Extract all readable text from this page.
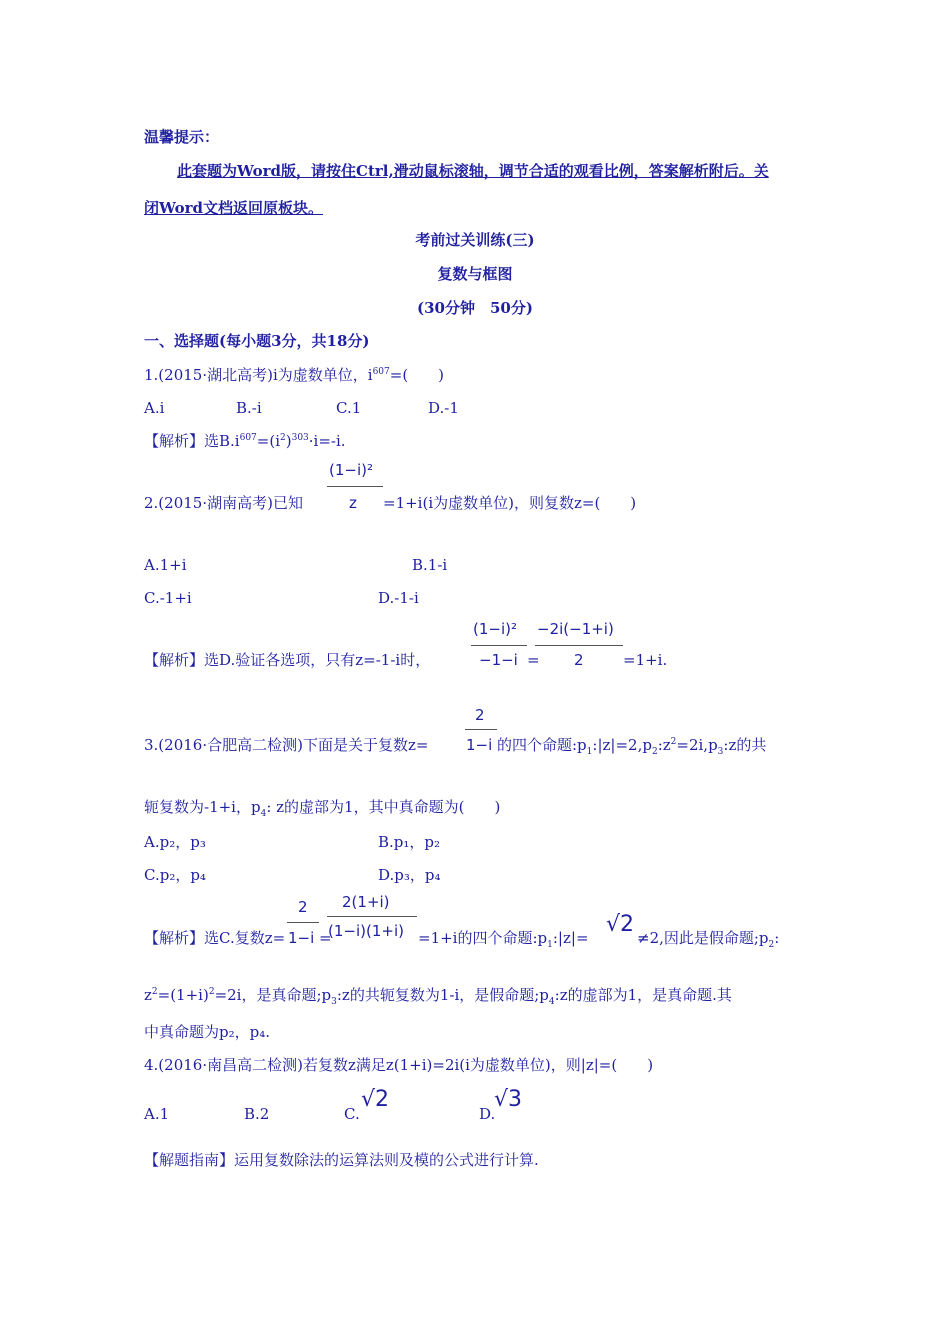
温馨提示：
此套题为Word版，请按住Ctrl,滑动鼠标滚轴，调节合适的观看比例，答案解析附后。关
闭Word文档返回原板块。
考前过关训练(三)
复数与框图
(30分钟　50分)
一、选择题(每小题3分，共18分)
1.(2015·湖北高考)i为虚数单位，$i^{607}=$(　　)
A.i	B.-i	C.1	D.-1
【解析】选$B.i^{607}=(i^2)^{303}\cdot i=-i$.
(1−i)²
z
2.(2015·湖南高考)已知	=1+i(i为虚数单位)，则复数z=(　　)
A.1+i	B.1-i
C.-1+i	D.-1-i
【解析】选D.验证各选项，只有z=-1-i时，
(1−i)²
−1−i =
−2i(−1+i)
2	=1+i.
2
1−i
3.(2016·合肥高二检测)下面是关于复数z=	的四个命题$:p_1:|z|=2,p_2:z^2=2i,p_3:z$的共
轭复数为-1+i，$p_4$: z的虚部为1，其中真命题为(　　)
A.p₂，p₃	B.p₁，p₂
C.p₂，p₄	D.p₃，p₄
【解析】选C.复数z=
2
1−i =
2(1+i)
(1−i)(1+i) =1+i的四个命题$:p_1:|z|=$
√2
≠2,因此是假命题$;p_2$:
$z^2=(1+i)^2=2i$，是真命题$;p_3:z$的共轭复数为1-i，是假命题$;p_4:z$的虚部为1，是真命题.其
中真命题为p₂，p₄.
4.(2016·南昌高二检测)若复数z满足z(1+i)=2i(i为虚数单位)，则|z|=(　　)
A.1	B.2	C.
√2
D.
√3
【解题指南】运用复数除法的运算法则及模的公式进行计算.
